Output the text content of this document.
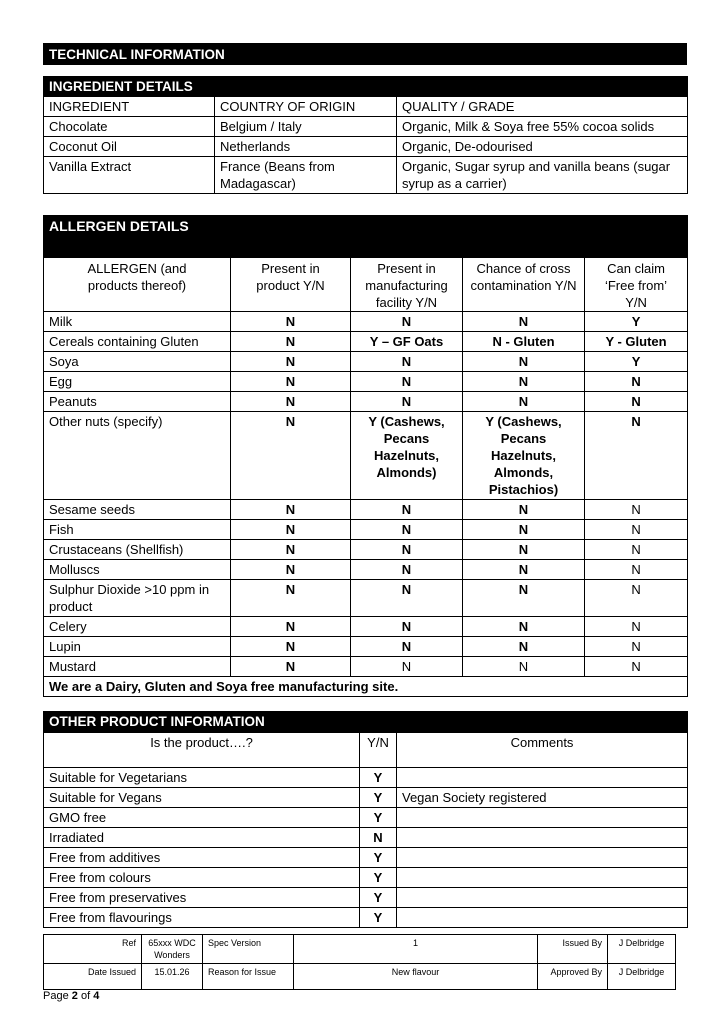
TECHNICAL INFORMATION
INGREDIENT DETAILS		
INGREDIENT	COUNTRY OF ORIGIN	QUALITY / GRADE
Chocolate	Belgium / Italy	Organic, Milk & Soya free 55% cocoa solids
Coconut Oil	Netherlands	Organic, De-odourised
Vanilla Extract	France (Beans from Madagascar)	Organic, Sugar syrup and vanilla beans (sugar syrup as a carrier)
ALLERGEN DETAILS				
ALLERGEN (and products thereof)	Present in product Y/N	Present in manufacturing facility Y/N	Chance of cross contamination Y/N	Can claim ‘Free from’ Y/N
Milk	N	N	N	Y
Cereals containing Gluten	N	Y – GF Oats	N - Gluten	Y - Gluten
Soya	N	N	N	Y
Egg	N	N	N	N
Peanuts	N	N	N	N
Other nuts (specify)	N	Y (Cashews, Pecans Hazelnuts, Almonds)	Y (Cashews, Pecans Hazelnuts, Almonds, Pistachios)	N
Sesame seeds	N	N	N	N
Fish	N	N	N	N
Crustaceans (Shellfish)	N	N	N	N
Molluscs	N	N	N	N
Sulphur Dioxide >10 ppm in product	N	N	N	N
Celery	N	N	N	N
Lupin	N	N	N	N
Mustard	N	N	N	N
We are a Dairy, Gluten and Soya free manufacturing site.				
OTHER PRODUCT INFORMATION		
Is the product….?	Y/N	Comments
Suitable for Vegetarians	Y	
Suitable for Vegans	Y	Vegan Society registered
GMO free	Y	
Irradiated	N	
Free from additives	Y	
Free from colours	Y	
Free from preservatives	Y	
Free from flavourings	Y	
Ref	65xxx WDC Wonders	Spec Version	1	Issued By	J Delbridge
Date Issued	15.01.26	Reason for Issue	New flavour	Approved By	J Delbridge
Page 2 of 4
